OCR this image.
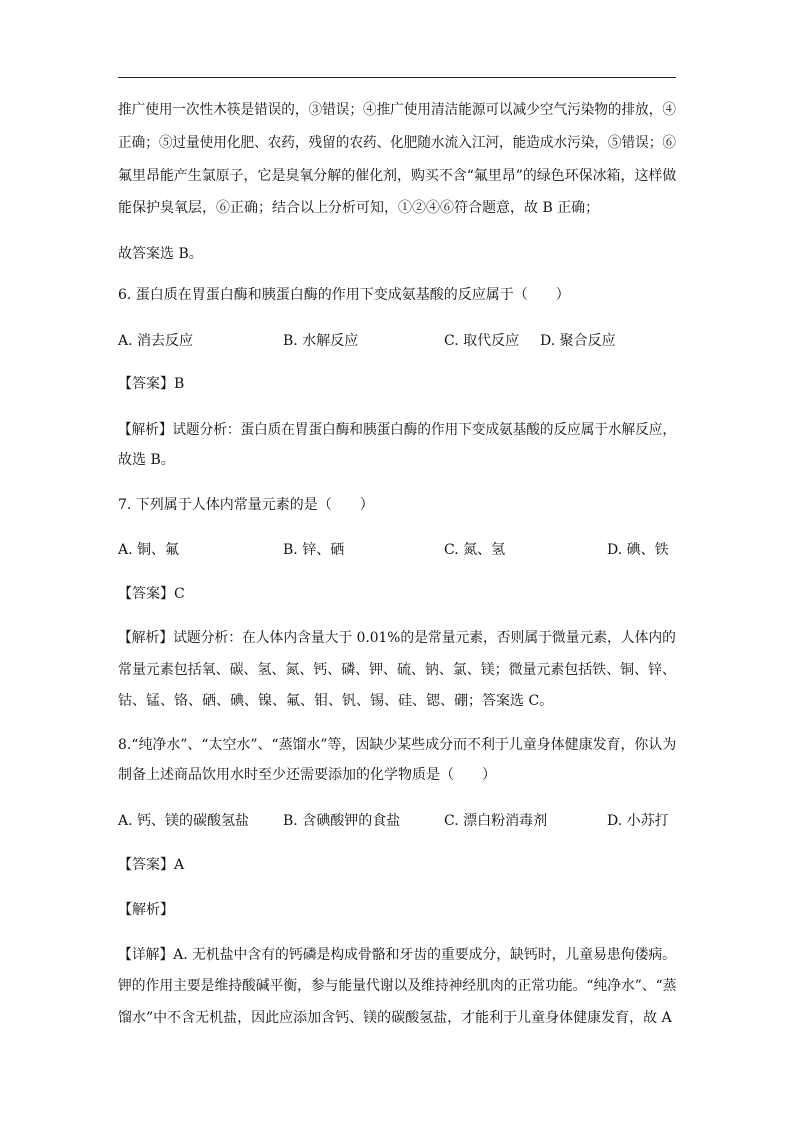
推广使用一次性木筷是错误的，③错误；④推广使用清洁能源可以减少空气污染物的排放，④
正确；⑤过量使用化肥、农药，残留的农药、化肥随水流入江河，能造成水污染，⑤错误；⑥
氟里昂能产生氯原子，它是臭氧分解的催化剂，购买不含“氟里昂”的绿色环保冰箱，这样做
能保护臭氧层，⑥正确；结合以上分析可知，①②④⑥符合题意，故 B 正确；
故答案选 B。
6. 蛋白质在胃蛋白酶和胰蛋白酶的作用下变成氨基酸的反应属于（　　）
A. 消去反应	B. 水解反应	C. 取代反应 D. 聚合反应
【答案】B
【解析】试题分析：蛋白质在胃蛋白酶和胰蛋白酶的作用下变成氨基酸的反应属于水解反应，
故选 B。
7. 下列属于人体内常量元素的是（　　）
A. 铜、氟	B. 锌、硒	C. 氮、氢	D. 碘、铁
【答案】C
【解析】试题分析：在人体内含量大于 0.01%的是常量元素，否则属于微量元素，人体内的
常量元素包括氧、碳、氢、氮、钙、磷、钾、硫、钠、氯、镁；微量元素包括铁、铜、锌、
钴、锰、铬、硒、碘、镍、氟、钼、钒、锡、硅、锶、硼；答案选 C。
8.“纯净水”、“太空水”、“蒸馏水”等，因缺少某些成分而不利于儿童身体健康发育，你认为
制备上述商品饮用水时至少还需要添加的化学物质是（　　）
A. 钙、镁的碳酸氢盐 B. 含碘酸钾的食盐	C. 漂白粉消毒剂	D. 小苏打
【答案】A
【解析】
【详解】A. 无机盐中含有的钙磷是构成骨骼和牙齿的重要成分，缺钙时，儿童易患佝偻病。
钾的作用主要是维持酸碱平衡，参与能量代谢以及维持神经肌肉的正常功能。“纯净水”、“蒸
馏水”中不含无机盐，因此应添加含钙、镁的碳酸氢盐，才能利于儿童身体健康发育，故 A
